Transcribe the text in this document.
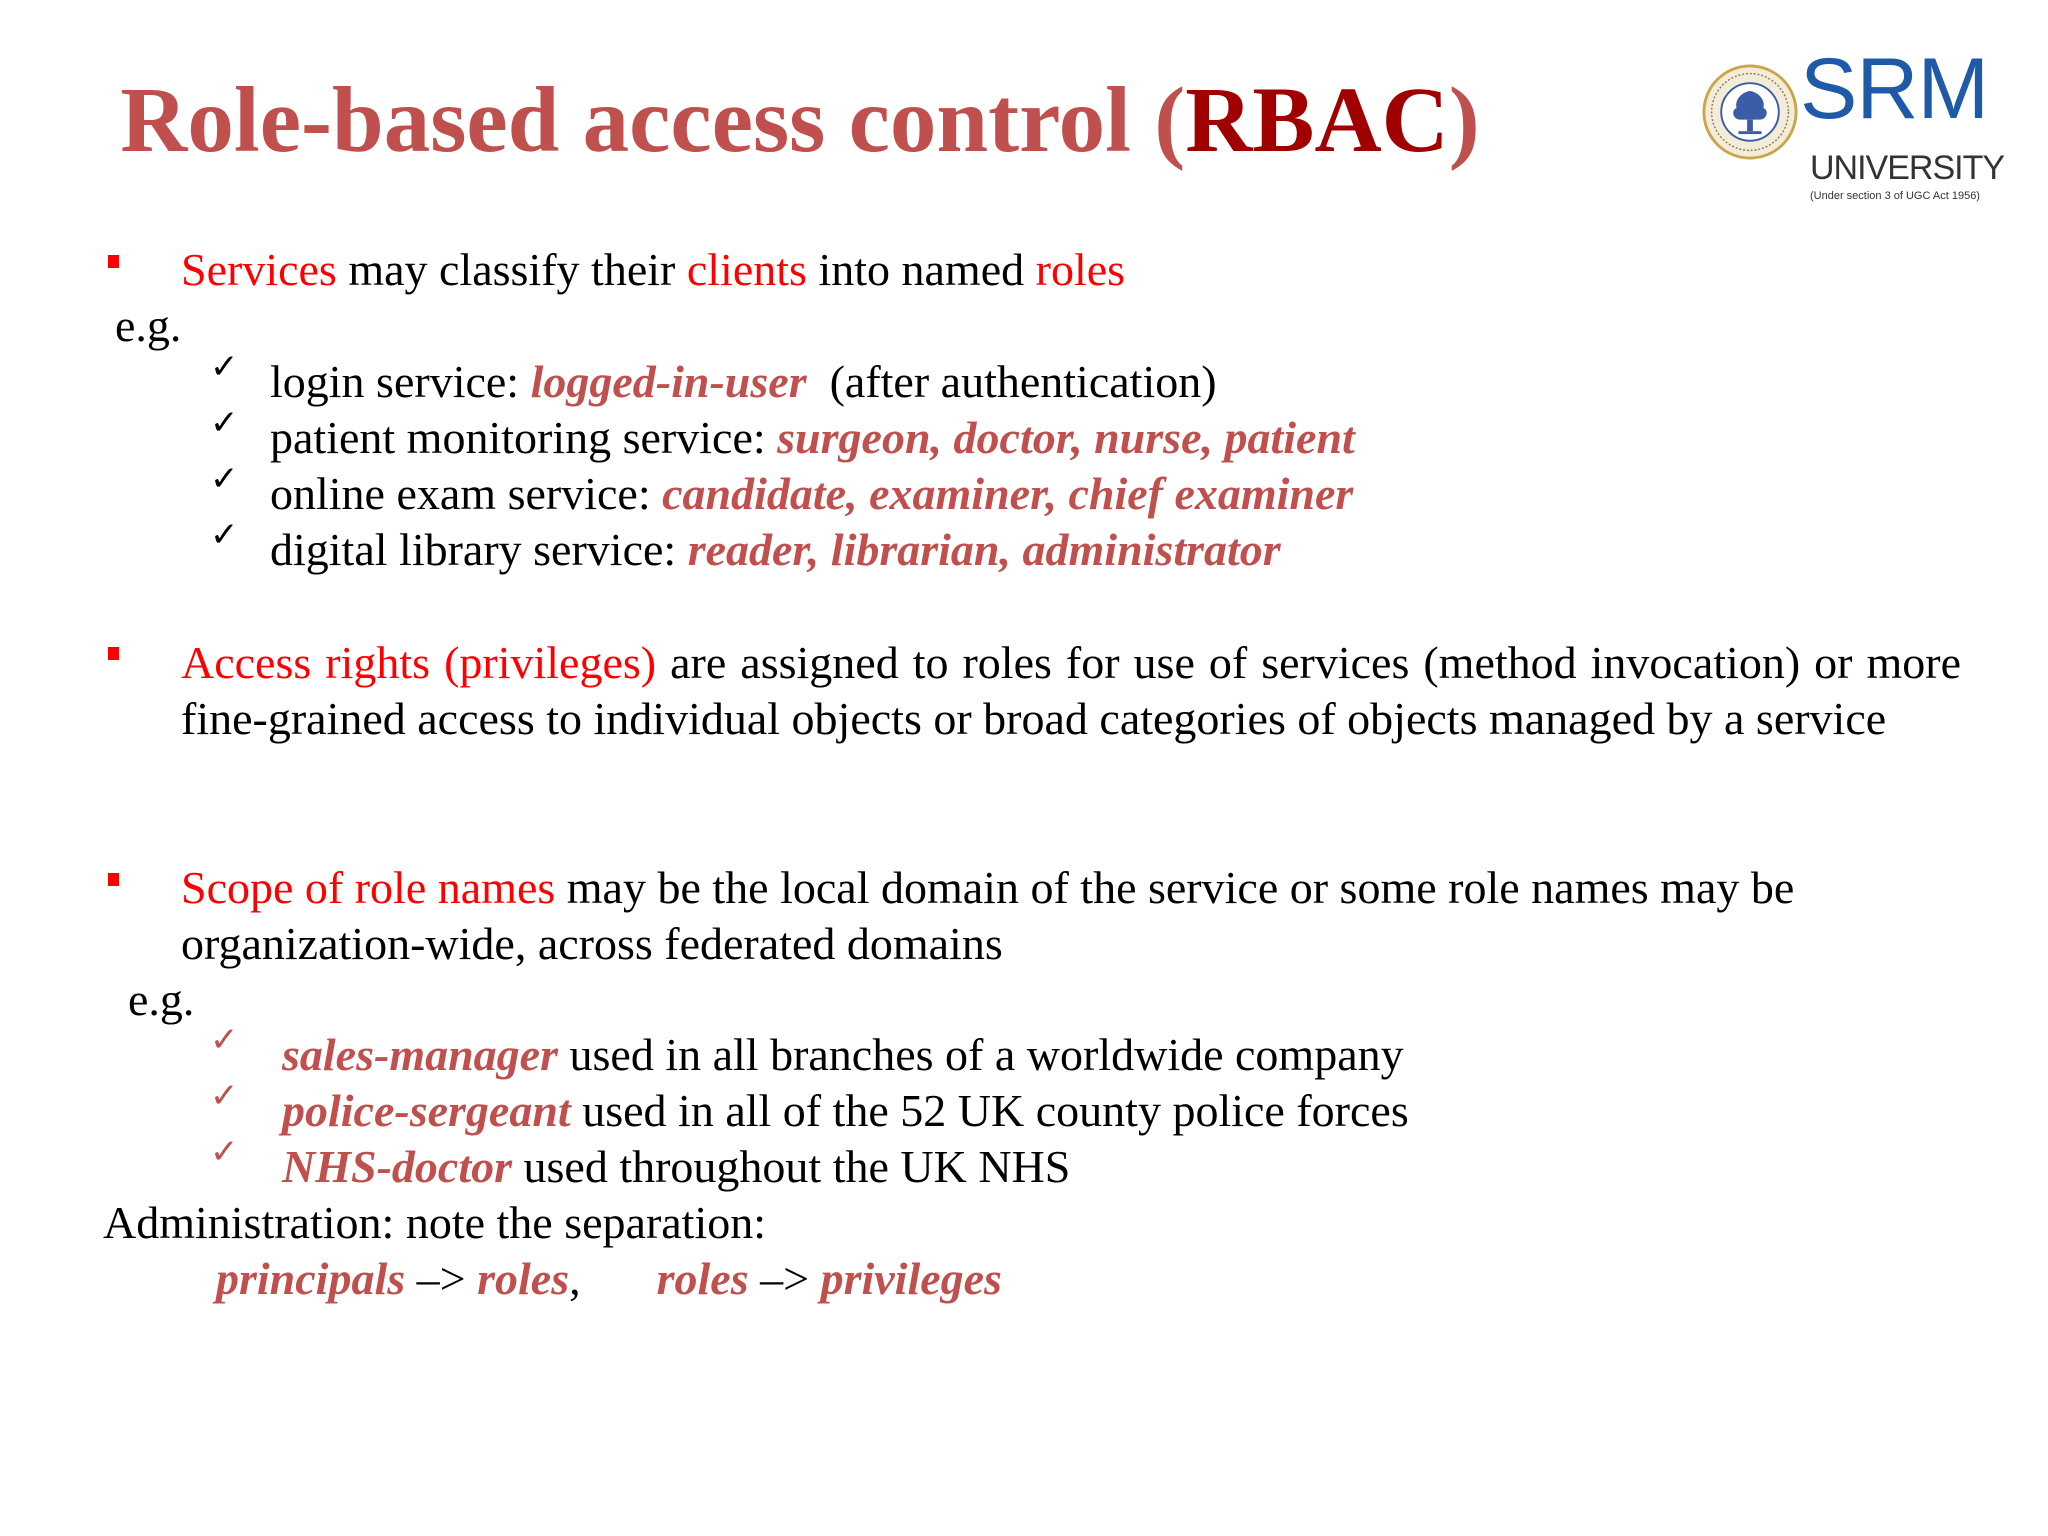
Role-based access control (RBAC)	SRM
UNIVERSITY
(Under section 3 of UGC Act 1956)
Services may classify their clients into named roles
e.g.
✓ login service: logged-in-user  (after authentication)
✓ patient monitoring service: surgeon, doctor, nurse, patient
✓ online exam service: candidate, examiner, chief examiner
✓ digital library service: reader, librarian, administrator
Access rights (privileges) are assigned to roles for use of services (method invocation) or more fine-grained access to individual objects or broad categories of objects managed by a service
Scope of role names may be the local domain of the service or some role names may be organization-wide, across federated domains
e.g.
✓ sales-manager used in all branches of a worldwide company
✓ police-sergeant used in all of the 52 UK county police forces
✓ NHS-doctor used throughout the UK NHS
Administration: note the separation:
principals –> roles, roles –> privileges
